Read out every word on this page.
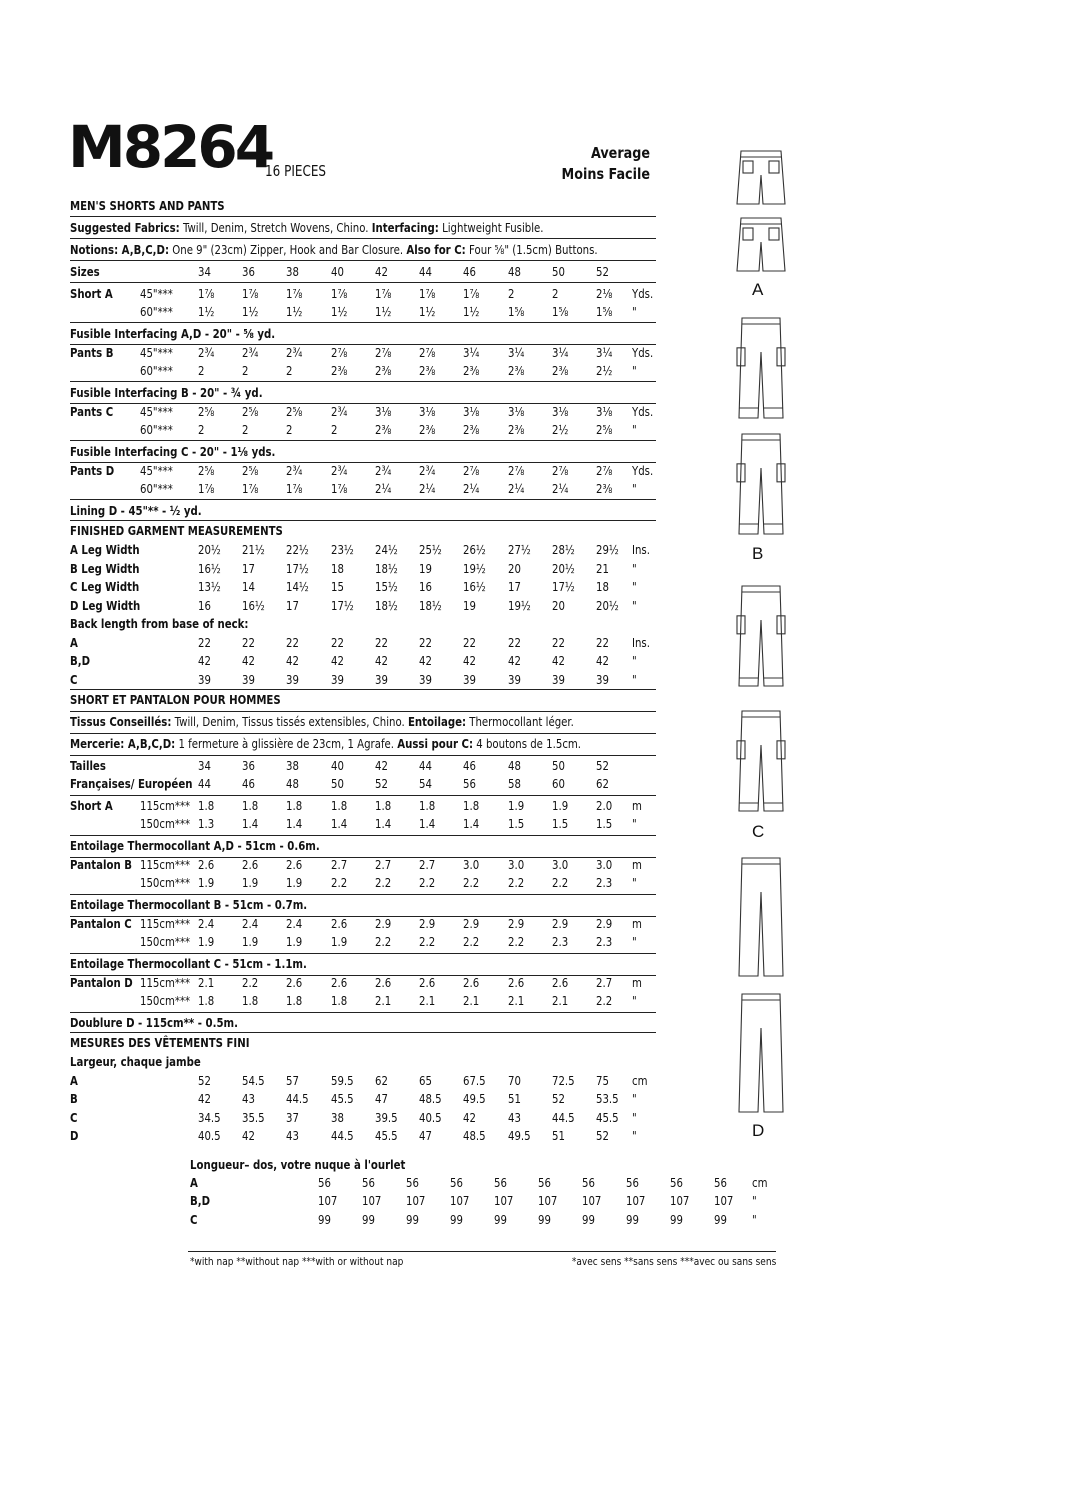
M8264
16 PIECES
Average
Moins Facile
MEN'S SHORTS AND PANTS
Suggested Fabrics: Twill, Denim, Stretch Wovens, Chino. Interfacing: Lightweight Fusible.
Notions: A,B,C,D: One 9" (23cm) Zipper, Hook and Bar Closure. Also for C: Four ⅝" (1.5cm) Buttons.
Sizes	34	36	38	40	42	44	46	48	50	52
Short A 45"*** 1⅞ 1⅞ 1⅞ 1⅞ 1⅞ 1⅞ 1⅞ 2	2	2⅛ Yds.
60"*** 1½ 1½ 1½ 1½ 1½ 1½ 1½ 1⅝ 1⅝ 1⅝ "
Fusible Interfacing A,D - 20" - ⅝ yd.
Pants B 45"*** 2¾ 2¾ 2¾ 2⅞ 2⅞ 2⅞ 3¼ 3¼ 3¼ 3¼ Yds.
60"*** 2	2	2	2⅜ 2⅜ 2⅜ 2⅜ 2⅜ 2⅜ 2½ "
Fusible Interfacing B - 20" - ¾ yd.
Pants C 45"*** 2⅝ 2⅝ 2⅝ 2¾ 3⅛ 3⅛ 3⅛ 3⅛ 3⅛ 3⅛ Yds.
60"*** 2	2	2	2	2⅜ 2⅜ 2⅜ 2⅜ 2½ 2⅝ "
Fusible Interfacing C - 20" - 1⅛ yds.
Pants D 45"*** 2⅝ 2⅝ 2¾ 2¾ 2¾ 2¾ 2⅞ 2⅞ 2⅞ 2⅞ Yds.
60"*** 1⅞ 1⅞ 1⅞ 1⅞ 2¼ 2¼ 2¼ 2¼ 2¼ 2⅜ "
Lining D - 45"** - ½ yd.
FINISHED GARMENT MEASUREMENTS
A Leg Width	20½ 21½ 22½ 23½ 24½ 25½ 26½ 27½ 28½ 29½ Ins.
B Leg Width	16½ 17	17½ 18	18½ 19	19½ 20	20½ 21 "
C Leg Width	13½ 14	14½ 15	15½ 16	16½ 17	17½ 18 "
D Leg Width	16	16½ 17	17½ 18½ 18½ 19	19½ 20	20½ "
Back length from base of neck:
A	22	22	22	22	22	22	22	22	22	22 Ins.
B,D	42	42	42	42	42	42	42	42	42	42 "
C	39	39	39	39	39	39	39	39	39	39 "
SHORT ET PANTALON POUR HOMMES
Tissus Conseillés: Twill, Denim, Tissus tissés extensibles, Chino. Entoilage: Thermocollant léger.
Mercerie: A,B,C,D: 1 fermeture à glissière de 23cm, 1 Agrafe. Aussi pour C: 4 boutons de 1.5cm.
Tailles	34	36	38	40	42	44	46	48	50	52
Françaises/ Européen 44	46	48	50	52	54	56	58	60	62
Short A 115cm*** 1.8 1.8 1.8 1.8 1.8 1.8 1.8 1.9 1.9 2.0 m
150cm*** 1.3 1.4 1.4 1.4 1.4 1.4 1.4 1.5 1.5 1.5 "
Entoilage Thermocollant A,D - 51cm - 0.6m.
Pantalon B 115cm*** 2.6 2.6 2.6 2.7 2.7 2.7 3.0 3.0 3.0 3.0 m
150cm*** 1.9 1.9 1.9 2.2 2.2 2.2 2.2 2.2 2.2 2.3 "
Entoilage Thermocollant B - 51cm - 0.7m.
Pantalon C 115cm*** 2.4 2.4 2.4 2.6 2.9 2.9 2.9 2.9 2.9 2.9 m
150cm*** 1.9 1.9 1.9 1.9 2.2 2.2 2.2 2.2 2.3 2.3 "
Entoilage Thermocollant C - 51cm - 1.1m.
Pantalon D 115cm*** 2.1 2.2 2.6 2.6 2.6 2.6 2.6 2.6 2.6 2.7 m
150cm*** 1.8 1.8 1.8 1.8 2.1 2.1 2.1 2.1 2.1 2.2 "
Doublure D - 115cm** - 0.5m.
MESURES DES VÊTEMENTS FINI
Largeur, chaque jambe
A	52	54.5 57	59.5 62	65	67.5 70	72.5 75 cm
B	42	43	44.5 45.5 47	48.5 49.5 51	52	53.5 "
C	34.5 35.5 37	38	39.5 40.5 42	43	44.5 45.5 "
D	40.5 42	43	44.5 45.5 47	48.5 49.5 51	52 "
Longueur– dos, votre nuque à l'ourlet
A	56	56	56	56	56	56	56	56	56	56 cm
B,D	107 107 107 107 107 107 107 107 107 107 "
C	99	99	99	99	99	99	99	99	99	99 "
*with nap **without nap ***with or without nap	*avec sens **sans sens ***avec ou sans sens
A
B
C
D
